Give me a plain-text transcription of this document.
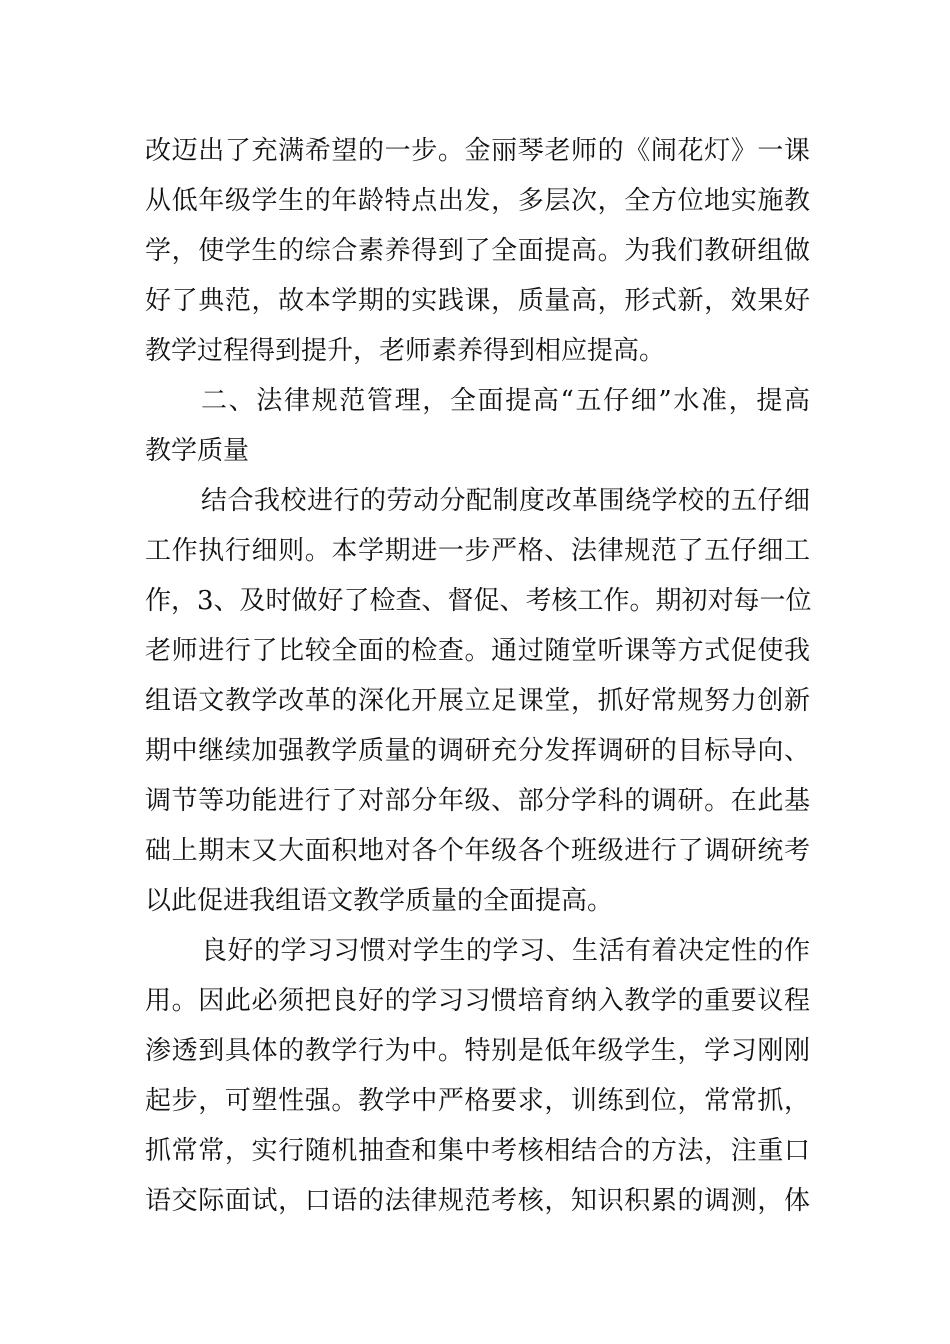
改迈出了充满希望的一步。金丽琴老师的《闹花灯》一课
从低年级学生的年龄特点出发，多层次，全方位地实施教
学，使学生的综合素养得到了全面提高。为我们教研组做
好了典范，故本学期的实践课，质量高，形式新，效果好
教学过程得到提升，老师素养得到相应提高。
二、法律规范管理，全面提高“五仔细”水准，提高
教学质量
结合我校进行的劳动分配制度改革围绕学校的五仔细
工作执行细则。本学期进一步严格、法律规范了五仔细工
作，3、及时做好了检查、督促、考核工作。期初对每一位
老师进行了比较全面的检查。通过随堂听课等方式促使我
组语文教学改革的深化开展立足课堂，抓好常规努力创新
期中继续加强教学质量的调研充分发挥调研的目标导向、
调节等功能进行了对部分年级、部分学科的调研。在此基
础上期末又大面积地对各个年级各个班级进行了调研统考
以此促进我组语文教学质量的全面提高。
良好的学习习惯对学生的学习、生活有着决定性的作
用。因此必须把良好的学习习惯培育纳入教学的重要议程
渗透到具体的教学行为中。特别是低年级学生，学习刚刚
起步，可塑性强。教学中严格要求，训练到位，常常抓，
抓常常，实行随机抽查和集中考核相结合的方法，注重口
语交际面试，口语的法律规范考核，知识积累的调测，体
